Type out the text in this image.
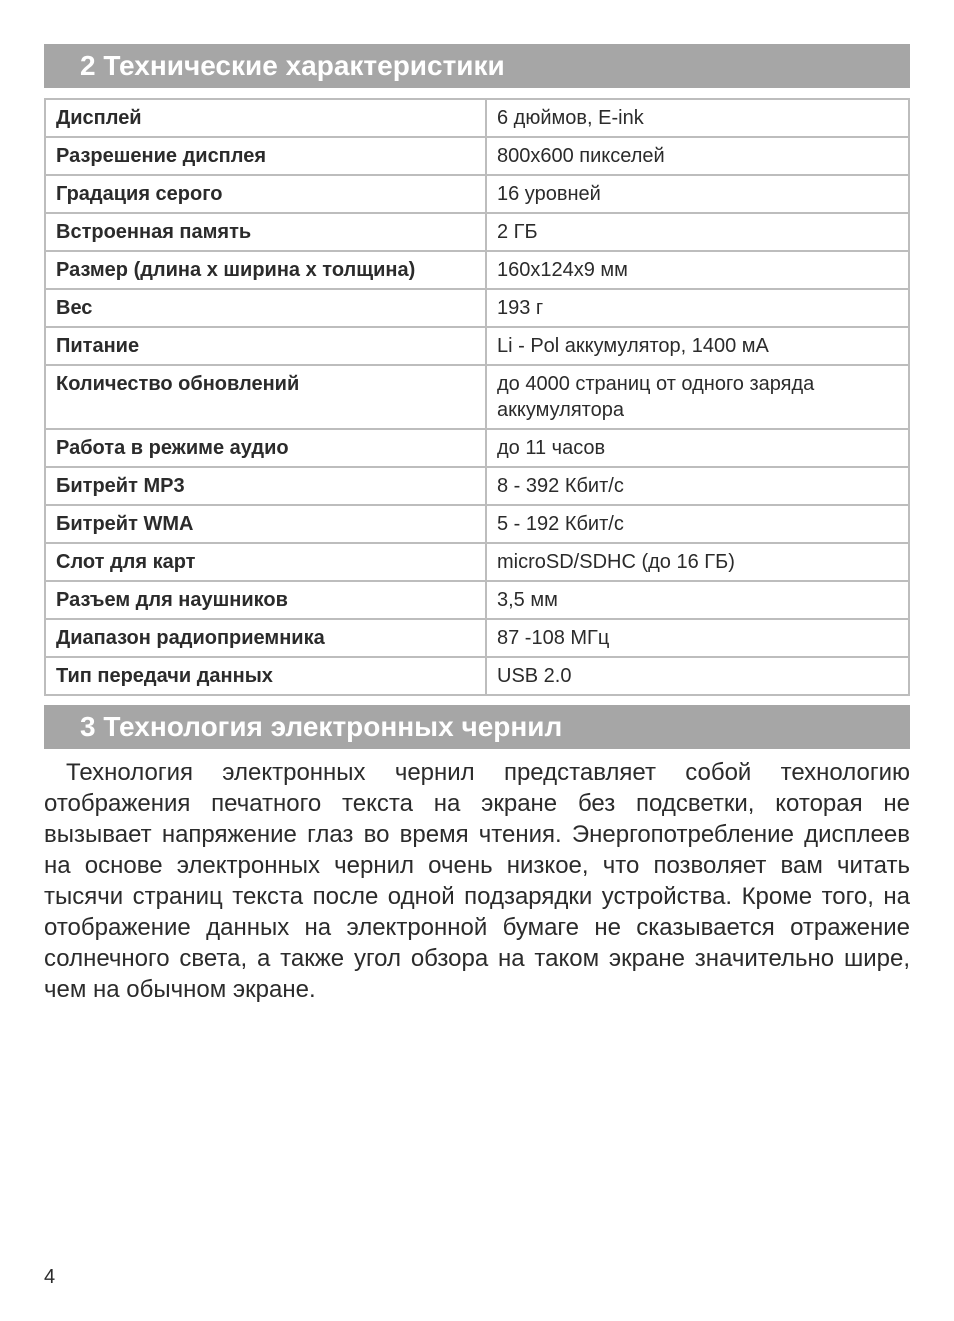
2 Технические характеристики
Дисплей	6 дюймов, E-ink
Разрешение дисплея	800x600 пикселей
Градация серого	16 уровней
Встроенная память	2 ГБ
Размер (длина х ширина х толщина)	160x124x9 мм
Вес	193 г
Питание	Li - Pol аккумулятор, 1400 мА
Количество обновлений	до 4000 страниц от одного заряда аккумулятора
Работа в режиме аудио	до 11 часов
Битрейт MP3	8 - 392 Кбит/с
Битрейт WMA	5 - 192 Кбит/с
Слот для карт	microSD/SDHC (до 16 ГБ)
Разъем для наушников	3,5 мм
Диапазон радиоприемника	87 -108 МГц
Тип передачи данных	USB 2.0
3 Технология электронных чернил

Технология электронных чернил представляет собой технологию отображения печатного текста на экране без подсветки, которая не вызывает напряжение глаз во время чтения. Энергопотребление дисплеев на основе электронных чернил очень низкое, что позволяет вам читать тысячи страниц текста после одной подзарядки устройства. Кроме того, на отображение данных на электронной бумаге не сказывается отражение солнечного света, а также угол обзора на таком экране значительно шире, чем на обычном экране.

4
